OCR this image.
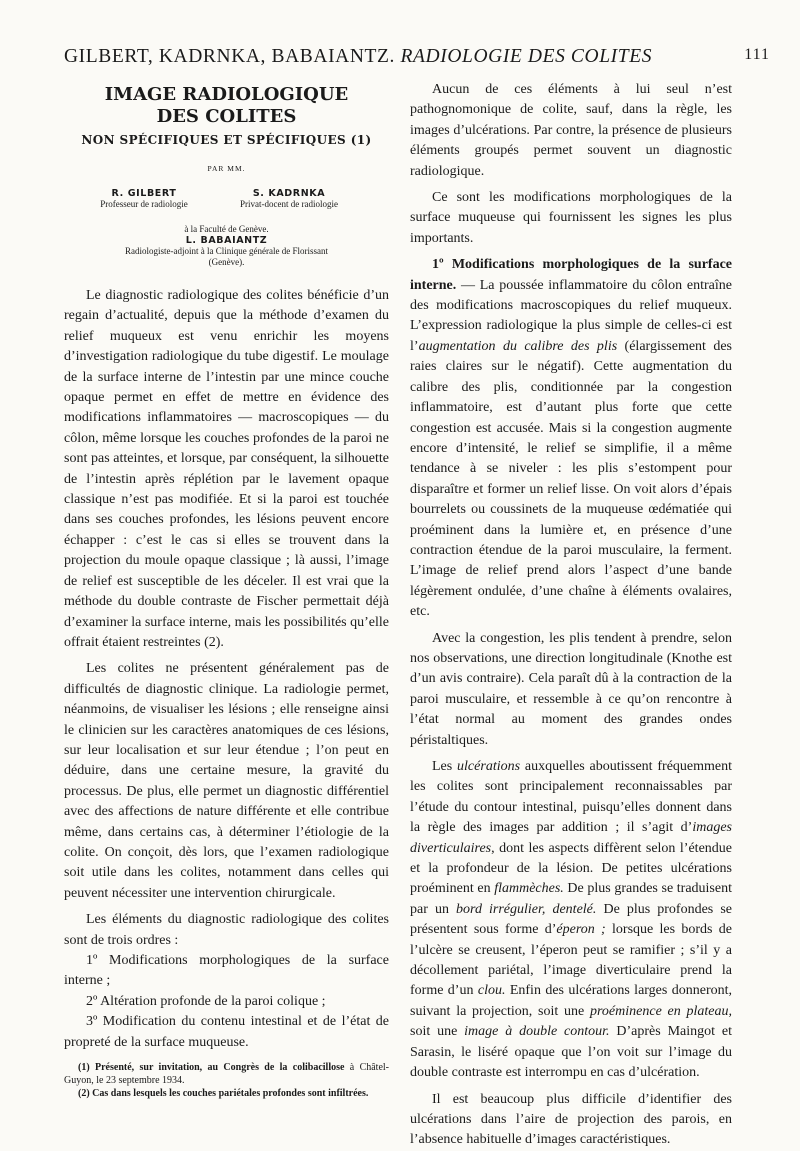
GILBERT, KADRNKA, BABAIANTZ. RADIOLOGIE DES COLITES	111
IMAGE RADIOLOGIQUE
DES COLITES
NON SPÉCIFIQUES ET SPÉCIFIQUES (1)
PAR MM.
R. GILBERT
Professeur de radiologie
S. KADRNKA
Privat-docent de radiologie
à la Faculté de Genève.
L. BABAIANTZ
Radiologiste-adjoint à la Clinique générale de Florissant
(Genève).

Le diagnostic radiologique des colites bénéficie d’un regain d’actualité, depuis que la méthode d’examen du relief muqueux est venu enrichir les moyens d’investigation radiologique du tube digestif. Le moulage de la surface interne de l’intestin par une mince couche opaque permet en effet de mettre en évidence des modifications inflammatoires — macroscopiques — du côlon, même lorsque les couches profondes de la paroi ne sont pas atteintes, et lorsque, par conséquent, la silhouette de l’intestin après réplétion par le lavement opaque classique n’est pas modifiée. Et si la paroi est touchée dans ses couches profondes, les lésions peuvent encore échapper : c’est le cas si elles se trouvent dans la projection du moule opaque classique ; là aussi, l’image de relief est susceptible de les déceler. Il est vrai que la méthode du double contraste de Fischer permettait déjà d’examiner la surface interne, mais les possibilités qu’elle offrait étaient restreintes (2).

Les colites ne présentent généralement pas de difficultés de diagnostic clinique. La radiologie permet, néanmoins, de visualiser les lésions ; elle renseigne ainsi le clinicien sur les caractères anatomiques de ces lésions, sur leur localisation et sur leur étendue ; l’on peut en déduire, dans une certaine mesure, la gravité du processus. De plus, elle permet un diagnostic différentiel avec des affections de nature différente et elle contribue même, dans certains cas, à déterminer l’étiologie de la colite. On conçoit, dès lors, que l’examen radiologique soit utile dans les colites, notamment dans celles qui peuvent nécessiter une intervention chirurgicale.

Les éléments du diagnostic radiologique des colites sont de trois ordres :

1º Modifications morphologiques de la surface interne ;

2º Altération profonde de la paroi colique ;

3º Modification du contenu intestinal et de l’état de propreté de la surface muqueuse.

(1) Présenté, sur invitation, au Congrès de la colibacillose à Châtel-Guyon, le 23 septembre 1934.

(2) Cas dans lesquels les couches pariétales profondes sont infiltrées.

Aucun de ces éléments à lui seul n’est pathognomonique de colite, sauf, dans la règle, les images d’ulcérations. Par contre, la présence de plusieurs éléments groupés permet souvent un diagnostic radiologique.

Ce sont les modifications morphologiques de la surface muqueuse qui fournissent les signes les plus importants.

1º Modifications morphologiques de la surface interne. — La poussée inflammatoire du côlon entraîne des modifications macroscopiques du relief muqueux. L’expression radiologique la plus simple de celles-ci est l’augmentation du calibre des plis (élargissement des raies claires sur le négatif). Cette augmentation du calibre des plis, conditionnée par la congestion inflammatoire, est d’autant plus forte que cette congestion est accusée. Mais si la congestion augmente encore d’intensité, le relief se simplifie, il a même tendance à se niveler : les plis s’estompent pour disparaître et former un relief lisse. On voit alors d’épais bourrelets ou coussinets de la muqueuse œdématiée qui proéminent dans la lumière et, en présence d’une contraction étendue de la paroi musculaire, la ferment. L’image de relief prend alors l’aspect d’une bande légèrement ondulée, d’une chaîne à éléments ovalaires, etc.

Avec la congestion, les plis tendent à prendre, selon nos observations, une direction longitudinale (Knothe est d’un avis contraire). Cela paraît dû à la contraction de la paroi musculaire, et ressemble à ce qu’on rencontre à l’état normal au moment des grandes ondes péristaltiques.

Les ulcérations auxquelles aboutissent fréquemment les colites sont principalement reconnaissables par l’étude du contour intestinal, puisqu’elles donnent dans la règle des images par addition ; il s’agit d’images diverticulaires, dont les aspects diffèrent selon l’étendue et la profondeur de la lésion. De petites ulcérations proéminent en flammèches. De plus grandes se traduisent par un bord irrégulier, dentelé. De plus profondes se présentent sous forme d’éperon ; lorsque les bords de l’ulcère se creusent, l’éperon peut se ramifier ; s’il y a décollement pariétal, l’image diverticulaire prend la forme d’un clou. Enfin des ulcérations larges donneront, suivant la projection, soit une proéminence en plateau, soit une image à double contour. D’après Maingot et Sarasin, le liséré opaque que l’on voit sur l’image du double contraste est interrompu en cas d’ulcération.

Il est beaucoup plus difficile d’identifier des ulcérations dans l’aire de projection des parois, en l’absence habituelle d’images caractéristiques.
